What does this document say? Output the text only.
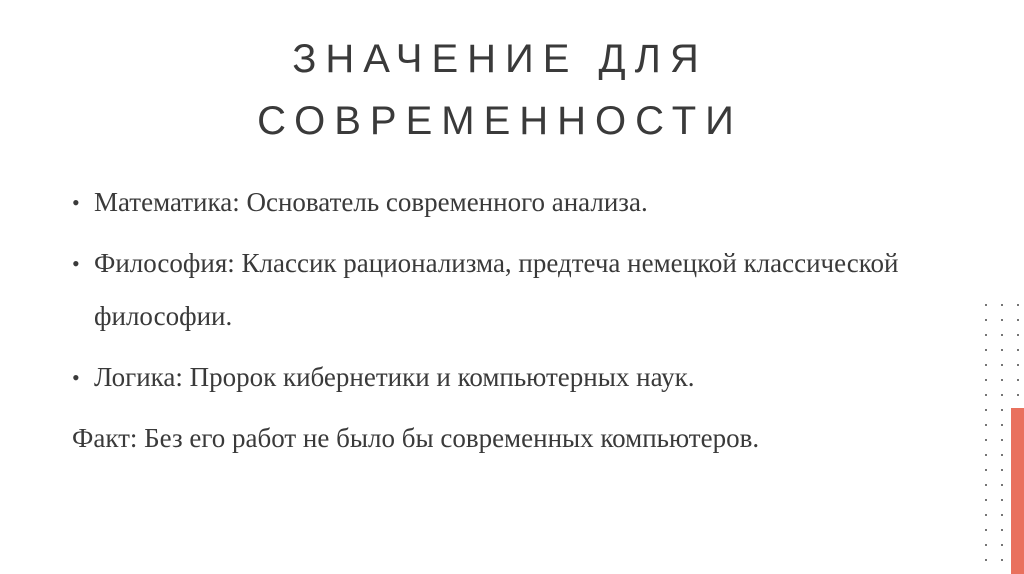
ЗНАЧЕНИЕ ДЛЯ
СОВРЕМЕННОСТИ
• Математика: Основатель современного анализа.
• Философия: Классик рационализма, предтеча немецкой классической философии.
• Логика: Пророк кибернетики и компьютерных наук.
Факт: Без его работ не было бы современных компьютеров.
